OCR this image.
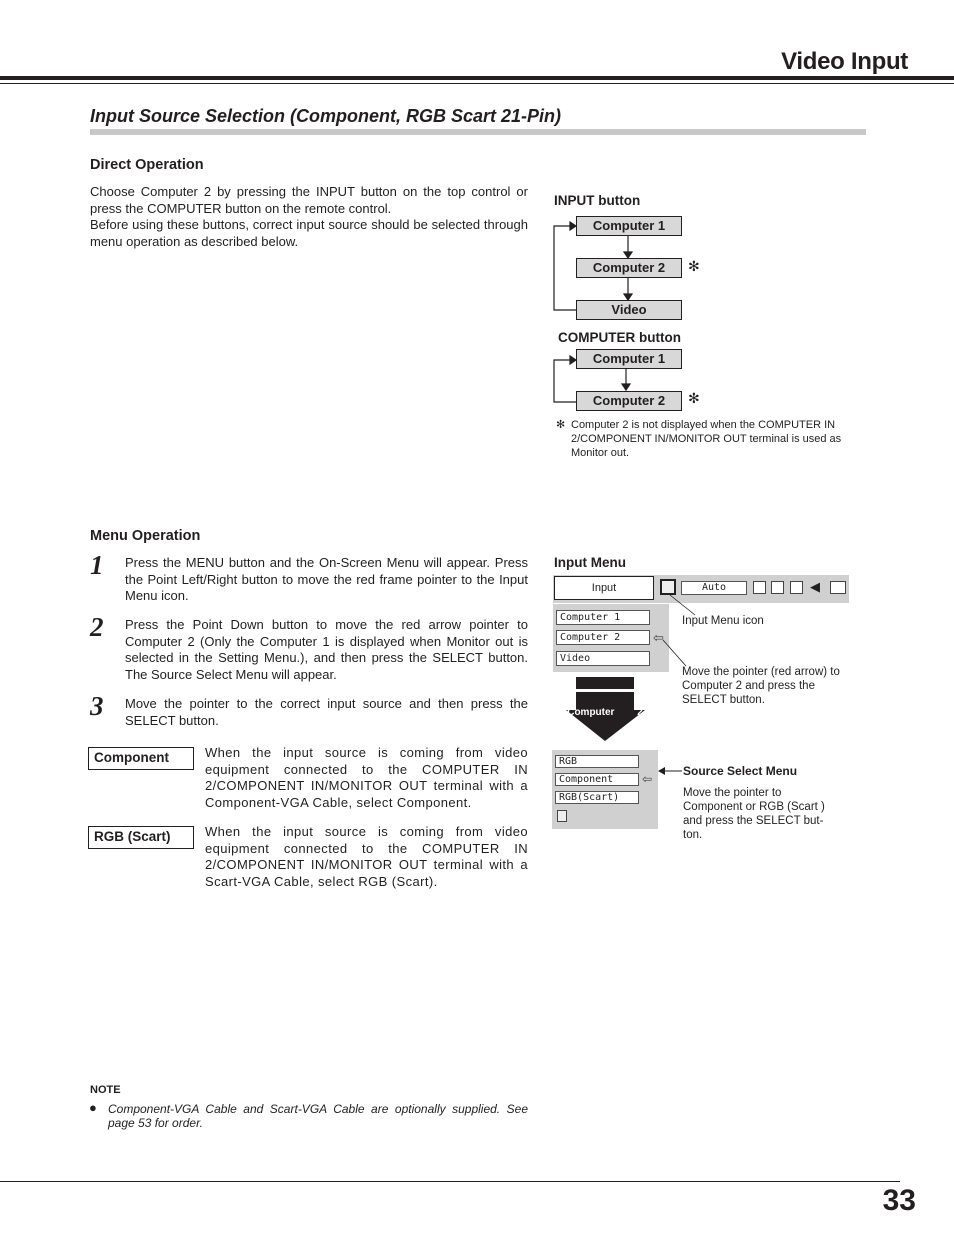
Video Input
Input Source Selection (Component, RGB Scart 21-Pin)
Direct Operation
Choose Computer 2 by pressing the INPUT button on the top control or press the COMPUTER button on the remote control.
Before using these buttons, correct input source should be selected through menu operation as described below.
INPUT button
Computer 1
Computer 2	✻
Video
COMPUTER button
Computer 1
Computer 2	✻
✻ Computer 2 is not displayed when the COMPUTER IN 2/COMPONENT IN/MONITOR OUT terminal is used as Monitor out.
Menu Operation
1 Press the MENU button and the On-Screen Menu will appear. Press the Point Left/Right button to move the red frame pointer to the Input Menu icon.
2 Press the Point Down button to move the red arrow pointer to Computer 2 (Only the Computer 1 is displayed when Monitor out is selected in the Setting Menu.), and then press the SELECT button. The Source Select Menu will appear.
3 Move the pointer to the correct input source and then press the SELECT button.
Component	When the input source is coming from video equipment connected to the COMPUTER IN 2/COMPONENT IN/MONITOR OUT terminal with a Component-VGA Cable, select Component.
RGB (Scart)	When the input source is coming from video equipment connected to the COMPUTER IN 2/COMPONENT IN/MONITOR OUT terminal with a Scart-VGA Cable, select RGB (Scart).
Input Menu
Input	Auto	◀
Computer 1
Computer 2
Video
⇦
Input Menu icon
Move the pointer (red arrow) to Computer 2 and press the SELECT button.
Computer 2
RGB
Component
RGB(Scart)
⇦
Source Select Menu
Move the pointer to Component or RGB (Scart ) and press the SELECT but-ton.
NOTE
● Component-VGA Cable and Scart-VGA Cable are optionally supplied. See page 53 for order.
33
